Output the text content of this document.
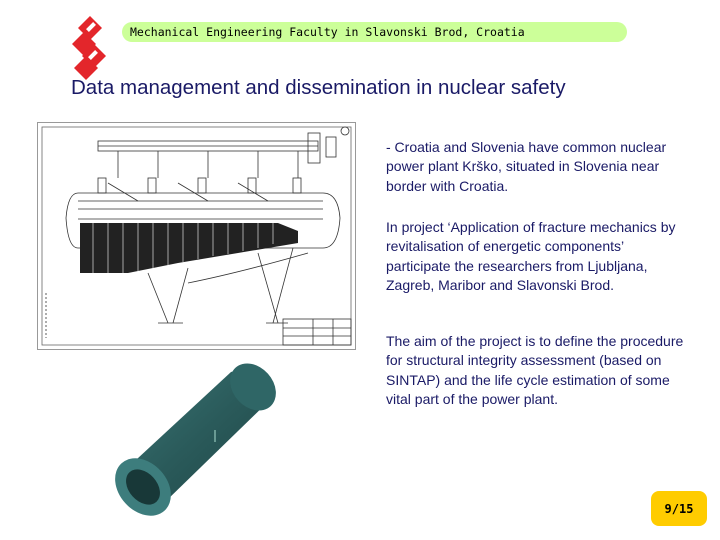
Mechanical Engineering Faculty in Slavonski Brod, Croatia
Data management and dissemination in nuclear safety
- Croatia and Slovenia have common nuclear power plant Krško, situated in Slovenia near border with Croatia.
In project ‘Application of fracture mechanics by revitalisation of energetic components’ participate the researchers from Ljubljana, Zagreb, Maribor and Slavonski Brod.
The aim of the project is to define the procedure for structural integrity assessment (based on SINTAP) and the life cycle estimation of some vital part of the power plant.
9/15
